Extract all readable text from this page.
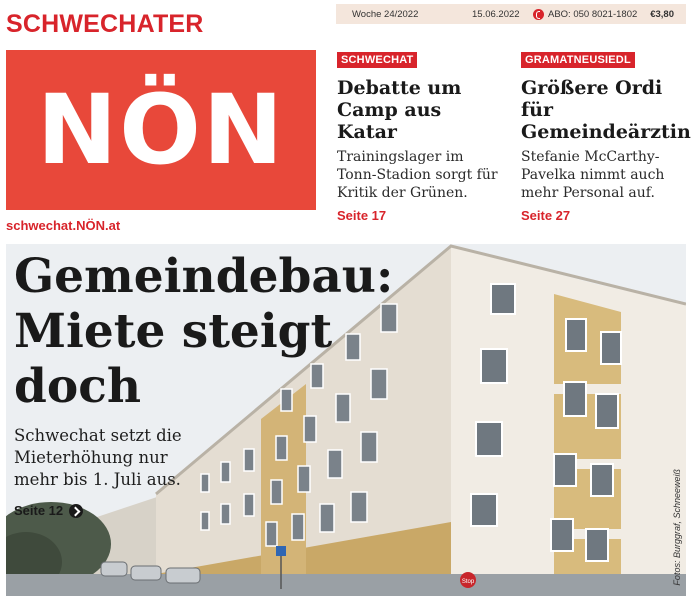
Woche 24/2022	15.06.2022	ABO: 050 8021-1802 €3,80
SCHWECHATER
NÖN
schwechat.NÖN.at
SCHWECHAT
Debatte um Camp aus Katar

Trainingslager im Tonn-Stadion sorgt für Kritik der Grünen.

Seite 17
GRAMATNEUSIEDL
Größere Ordi für Gemeindeärztin

Stefanie McCarthy-Pavelka nimmt auch mehr Personal auf.

Seite 27
Stop
Gemeindebau:
Miete steigt
doch

Schwechat setzt die Mieterhöhung nur mehr bis 1. Juli aus.

Seite 12	Fotos: Burggraf, Schneeweiß
